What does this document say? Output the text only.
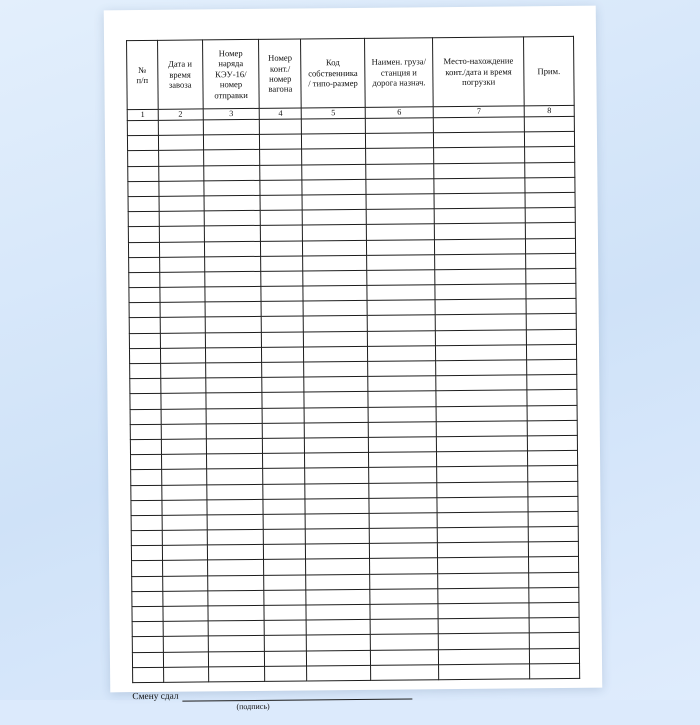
№
п/п	Дата и
время
завоза	Номер
наряда
КЭУ-16/
номер
отправки	Номер
конт./
номер
вагона	Код
собственника
/ типо-размер	Наимен. груза/
станция и
дорога назнач.	Место-нахождение
конт./дата и время
погрузки	Прим.
1	2	3	4	5	6	7	8

Смену сдал
(подпись)
